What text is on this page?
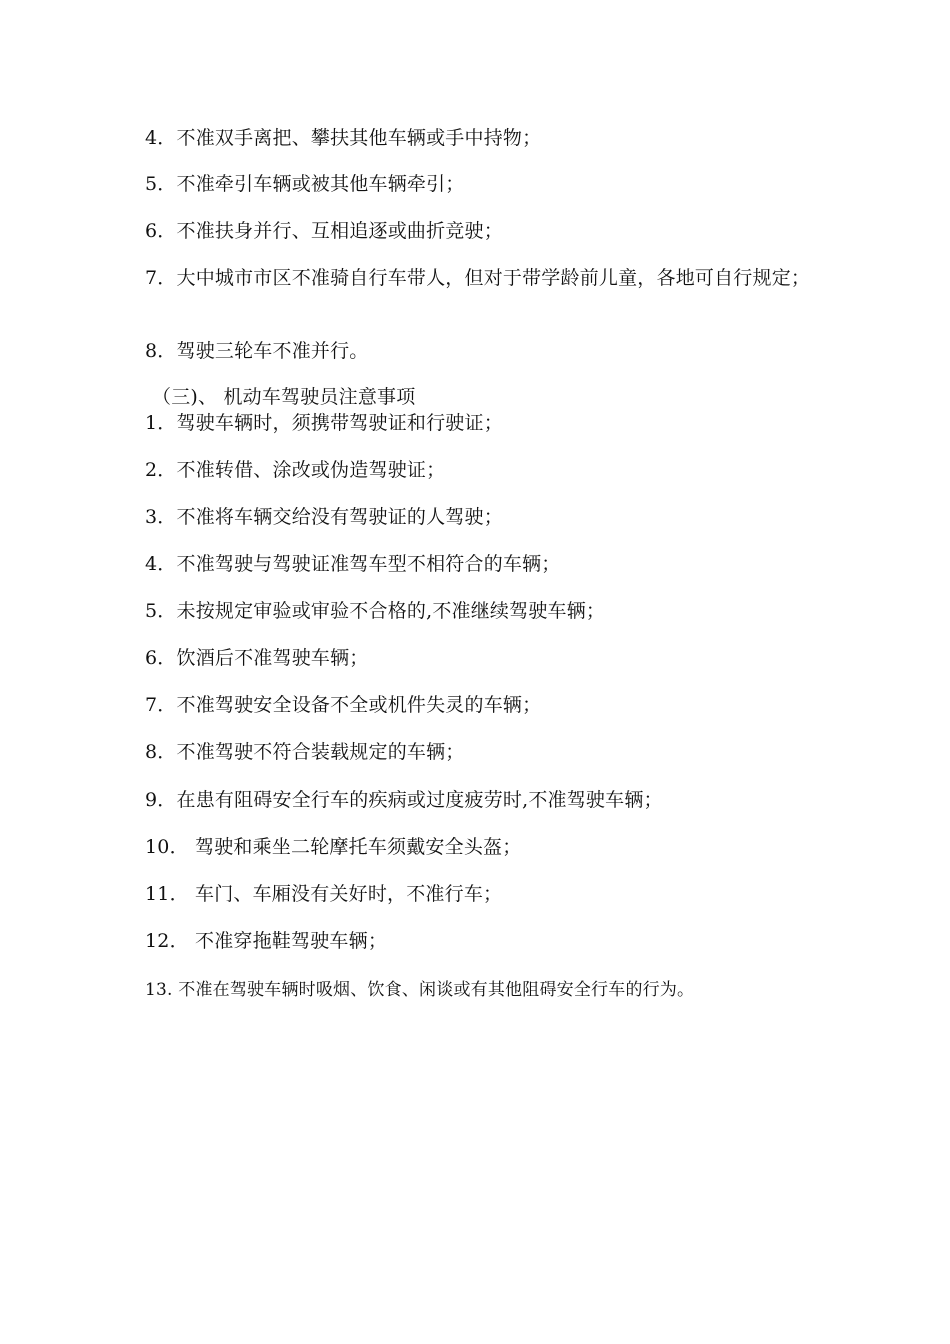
4．不准双手离把、攀扶其他车辆或手中持物；
5．不准牵引车辆或被其他车辆牵引；
6．不准扶身并行、互相追逐或曲折竞驶；
7．大中城市市区不准骑自行车带人，但对于带学龄前儿童，各地可自行规定；
8．驾驶三轮车不准并行。
（三)、 机动车驾驶员注意事项
1．驾驶车辆时，须携带驾驶证和行驶证；
2．不准转借、涂改或伪造驾驶证；
3．不准将车辆交给没有驾驶证的人驾驶；
4．不准驾驶与驾驶证准驾车型不相符合的车辆；
5．未按规定审验或审验不合格的,不准继续驾驶车辆；
6．饮酒后不准驾驶车辆；
7．不准驾驶安全设备不全或机件失灵的车辆；
8．不准驾驶不符合装载规定的车辆；
9．在患有阻碍安全行车的疾病或过度疲劳时,不准驾驶车辆；
10． 驾驶和乘坐二轮摩托车须戴安全头盔；
11． 车门、车厢没有关好时，不准行车；
12． 不准穿拖鞋驾驶车辆；
13. 不准在驾驶车辆时吸烟、饮食、闲谈或有其他阻碍安全行车的行为。
